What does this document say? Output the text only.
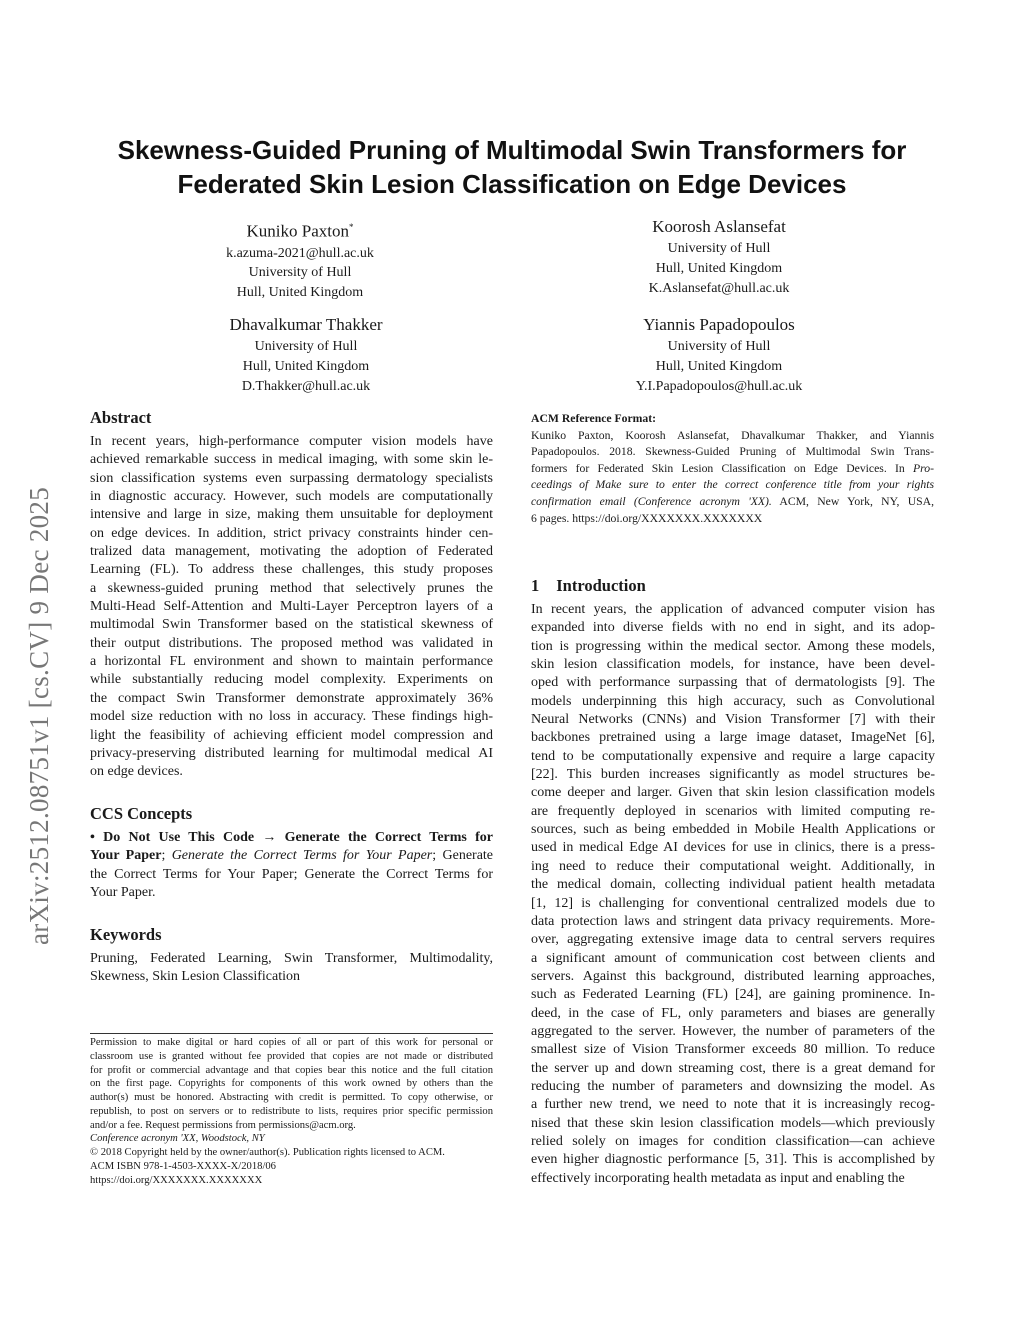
arXiv:2512.08751v1 [cs.CV] 9 Dec 2025
Skewness-Guided Pruning of Multimodal Swin Transformers for
Federated Skin Lesion Classification on Edge Devices
Kuniko Paxton*
k.azuma-2021@hull.ac.uk
University of Hull
Hull, United Kingdom
Koorosh Aslansefat
University of Hull
Hull, United Kingdom
K.Aslansefat@hull.ac.uk
Dhavalkumar Thakker
University of Hull
Hull, United Kingdom
D.Thakker@hull.ac.uk
Yiannis Papadopoulos
University of Hull
Hull, United Kingdom
Y.I.Papadopoulos@hull.ac.uk
Abstract
In recent years, high-performance computer vision models have
achieved remarkable success in medical imaging, with some skin le-
sion classification systems even surpassing dermatology specialists
in diagnostic accuracy. However, such models are computationally
intensive and large in size, making them unsuitable for deployment
on edge devices. In addition, strict privacy constraints hinder cen-
tralized data management, motivating the adoption of Federated
Learning (FL). To address these challenges, this study proposes
a skewness-guided pruning method that selectively prunes the
Multi-Head Self-Attention and Multi-Layer Perceptron layers of a
multimodal Swin Transformer based on the statistical skewness of
their output distributions. The proposed method was validated in
a horizontal FL environment and shown to maintain performance
while substantially reducing model complexity. Experiments on
the compact Swin Transformer demonstrate approximately 36%
model size reduction with no loss in accuracy. These findings high-
light the feasibility of achieving efficient model compression and
privacy-preserving distributed learning for multimodal medical AI
on edge devices.
CCS Concepts
• Do Not Use This Code → Generate the Correct Terms for
Your Paper; Generate the Correct Terms for Your Paper; Generate
the Correct Terms for Your Paper; Generate the Correct Terms for
Your Paper.
Keywords
Pruning, Federated Learning, Swin Transformer, Multimodality,
Skewness, Skin Lesion Classification
Permission to make digital or hard copies of all or part of this work for personal or
classroom use is granted without fee provided that copies are not made or distributed
for profit or commercial advantage and that copies bear this notice and the full citation
on the first page. Copyrights for components of this work owned by others than the
author(s) must be honored. Abstracting with credit is permitted. To copy otherwise, or
republish, to post on servers or to redistribute to lists, requires prior specific permission
and/or a fee. Request permissions from permissions@acm.org.
Conference acronym 'XX, Woodstock, NY
© 2018 Copyright held by the owner/author(s). Publication rights licensed to ACM.
ACM ISBN 978-1-4503-XXXX-X/2018/06
https://doi.org/XXXXXXX.XXXXXXX
ACM Reference Format:
Kuniko Paxton, Koorosh Aslansefat, Dhavalkumar Thakker, and Yiannis
Papadopoulos. 2018. Skewness-Guided Pruning of Multimodal Swin Trans-
formers for Federated Skin Lesion Classification on Edge Devices. In Pro-
ceedings of Make sure to enter the correct conference title from your rights
confirmation email (Conference acronym 'XX). ACM, New York, NY, USA,
6 pages. https://doi.org/XXXXXXX.XXXXXXX
1 Introduction
In recent years, the application of advanced computer vision has
expanded into diverse fields with no end in sight, and its adop-
tion is progressing within the medical sector. Among these models,
skin lesion classification models, for instance, have been devel-
oped with performance surpassing that of dermatologists [9]. The
models underpinning this high accuracy, such as Convolutional
Neural Networks (CNNs) and Vision Transformer [7] with their
backbones pretrained using a large image dataset, ImageNet [6],
tend to be computationally expensive and require a large capacity
[22]. This burden increases significantly as model structures be-
come deeper and larger. Given that skin lesion classification models
are frequently deployed in scenarios with limited computing re-
sources, such as being embedded in Mobile Health Applications or
used in medical Edge AI devices for use in clinics, there is a press-
ing need to reduce their computational weight. Additionally, in
the medical domain, collecting individual patient health metadata
[1, 12] is challenging for conventional centralized models due to
data protection laws and stringent data privacy requirements. More-
over, aggregating extensive image data to central servers requires
a significant amount of communication cost between clients and
servers. Against this background, distributed learning approaches,
such as Federated Learning (FL) [24], are gaining prominence. In-
deed, in the case of FL, only parameters and biases are generally
aggregated to the server. However, the number of parameters of the
smallest size of Vision Transformer exceeds 80 million. To reduce
the server up and down streaming cost, there is a great demand for
reducing the number of parameters and downsizing the model. As
a further new trend, we need to note that it is increasingly recog-
nised that these skin lesion classification models—which previously
relied solely on images for condition classification—can achieve
even higher diagnostic performance [5, 31]. This is accomplished by
effectively incorporating health metadata as input and enabling the
